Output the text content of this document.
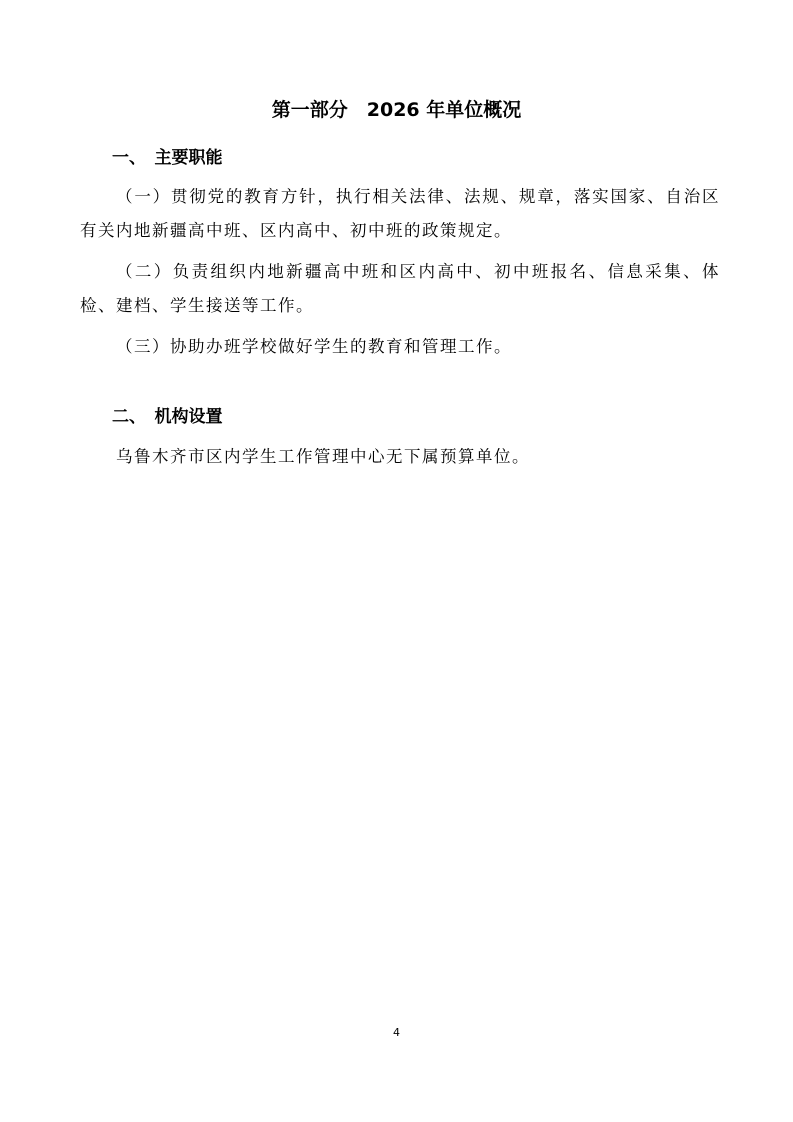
第一部分　2026 年单位概况
一、　主要职能

（一）贯彻党的教育方针，执行相关法律、法规、规章，落实国家、自治区有关内地新疆高中班、区内高中、初中班的政策规定。

（二）负责组织内地新疆高中班和区内高中、初中班报名、信息采集、体检、建档、学生接送等工作。

（三）协助办班学校做好学生的教育和管理工作。

二、　机构设置

乌鲁木齐市区内学生工作管理中心无下属预算单位。

4
